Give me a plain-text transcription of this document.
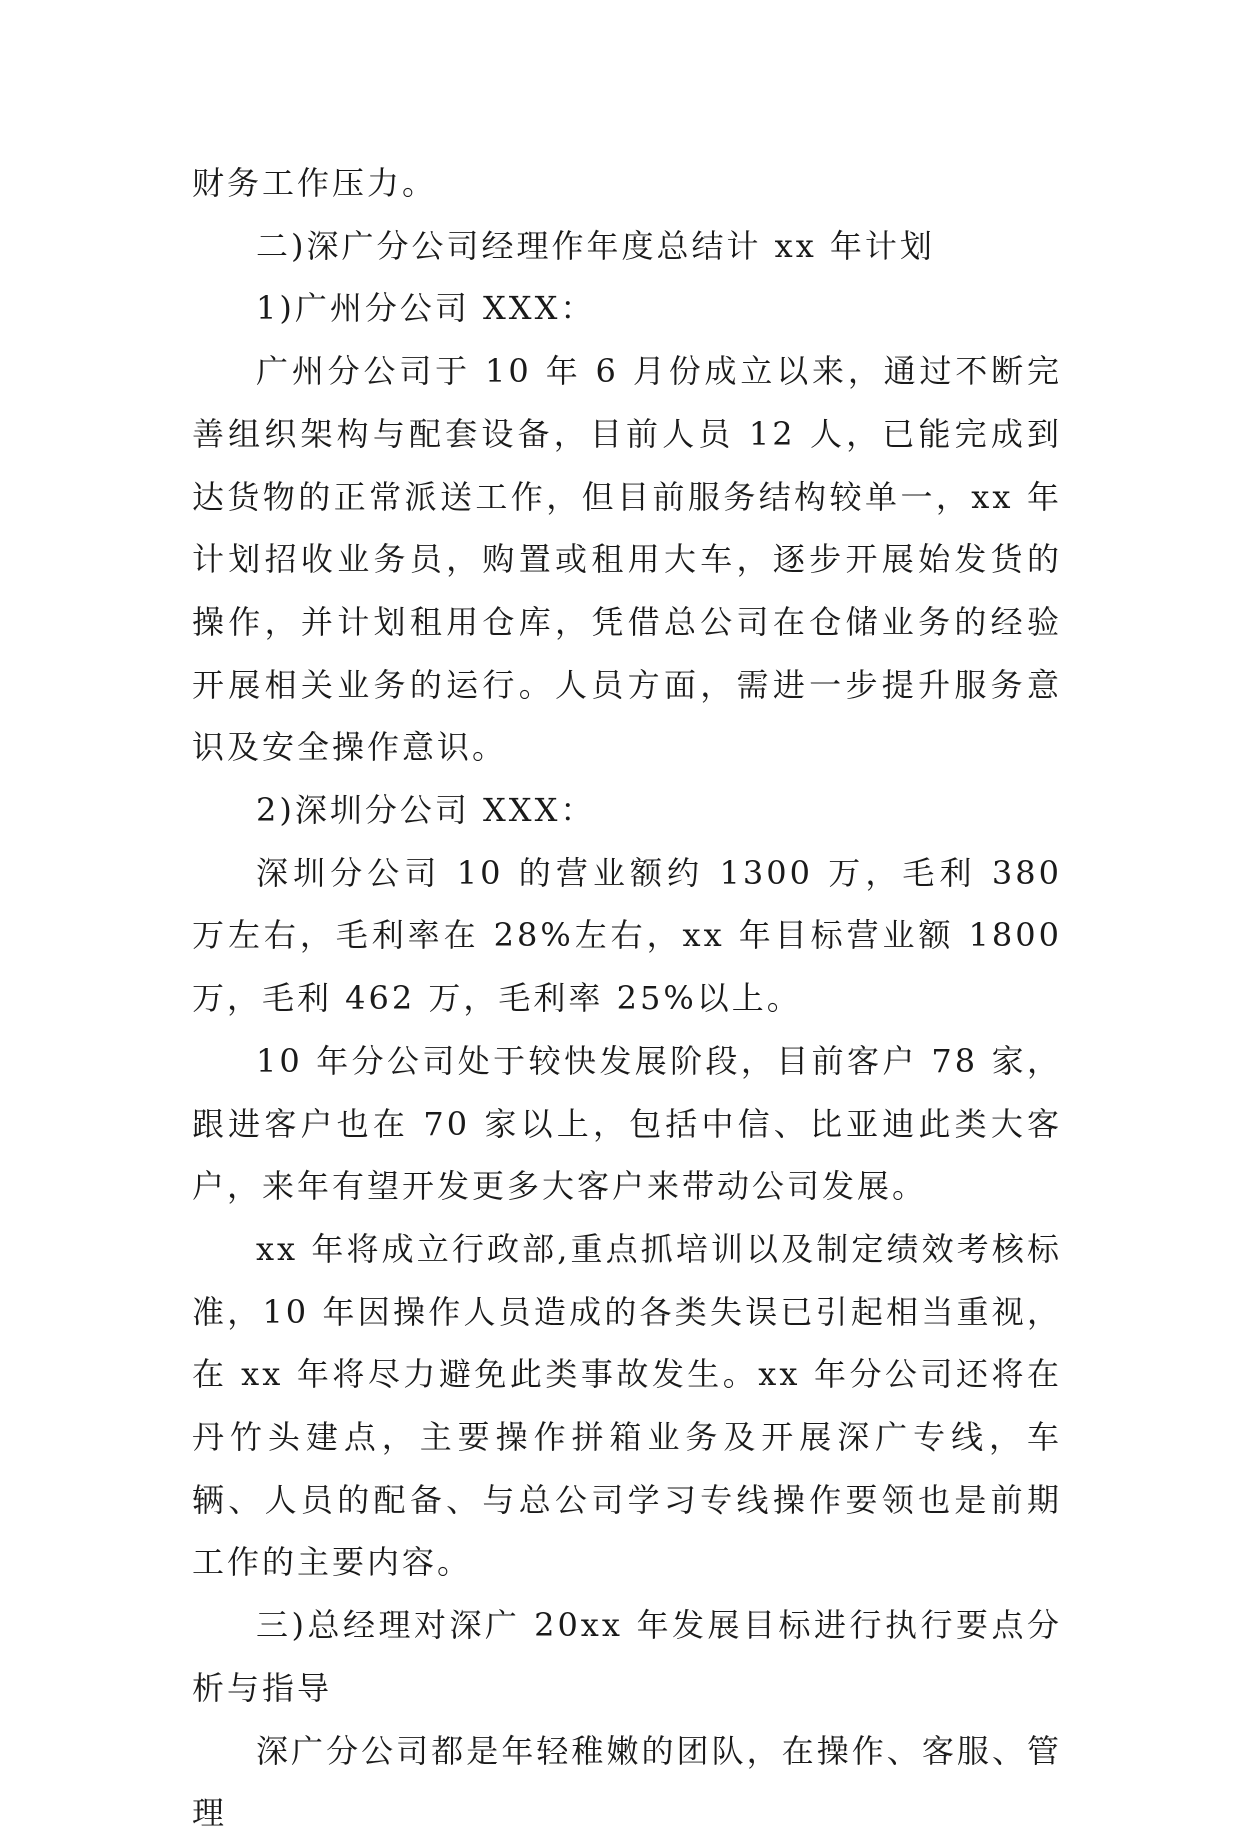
财务工作压力。

二)深广分公司经理作年度总结计 xx 年计划

1)广州分公司 XXX：

广州分公司于 10 年 6 月份成立以来，通过不断完善组织架构与配套设备，目前人员 12 人，已能完成到达货物的正常派送工作，但目前服务结构较单一，xx 年计划招收业务员，购置或租用大车，逐步开展始发货的操作，并计划租用仓库，凭借总公司在仓储业务的经验开展相关业务的运行。人员方面，需进一步提升服务意识及安全操作意识。

2)深圳分公司 XXX：

深圳分公司 10 的营业额约 1300 万，毛利 380 万左右，毛利率在 28%左右，xx 年目标营业额 1800 万，毛利 462 万，毛利率 25%以上。

10 年分公司处于较快发展阶段，目前客户 78 家，跟进客户也在 70 家以上，包括中信、比亚迪此类大客户，来年有望开发更多大客户来带动公司发展。

xx 年将成立行政部,重点抓培训以及制定绩效考核标准，10 年因操作人员造成的各类失误已引起相当重视，在 xx 年将尽力避免此类事故发生。xx 年分公司还将在丹竹头建点，主要操作拼箱业务及开展深广专线，车辆、人员的配备、与总公司学习专线操作要领也是前期工作的主要内容。

三)总经理对深广 20xx 年发展目标进行执行要点分析与指导

深广分公司都是年轻稚嫩的团队，在操作、客服、管理
